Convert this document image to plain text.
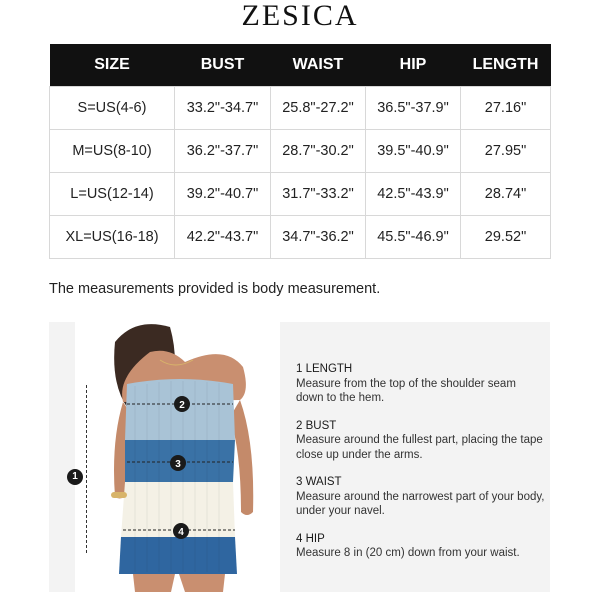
ZESICA
SIZE	BUST	WAIST	HIP	LENGTH
S=US(4-6)	33.2"-34.7"	25.8"-27.2"	36.5"-37.9"	27.16"
M=US(8-10)	36.2"-37.7"	28.7"-30.2"	39.5"-40.9"	27.95"
L=US(12-14)	39.2"-40.7"	31.7"-33.2"	42.5"-43.9"	28.74"
XL=US(16-18)	42.2"-43.7"	34.7"-36.2"	45.5"-46.9"	29.52"
The measurements provided is body measurement.
2
3
4
1
1 LENGTH
Measure from the top of the shoulder seam down to the hem.
2 BUST
Measure around the fullest part, placing the tape close up under the arms.
3 WAIST
Measure around the narrowest part of your body, under your navel.
4 HIP
Measure 8 in (20 cm) down from your waist.
